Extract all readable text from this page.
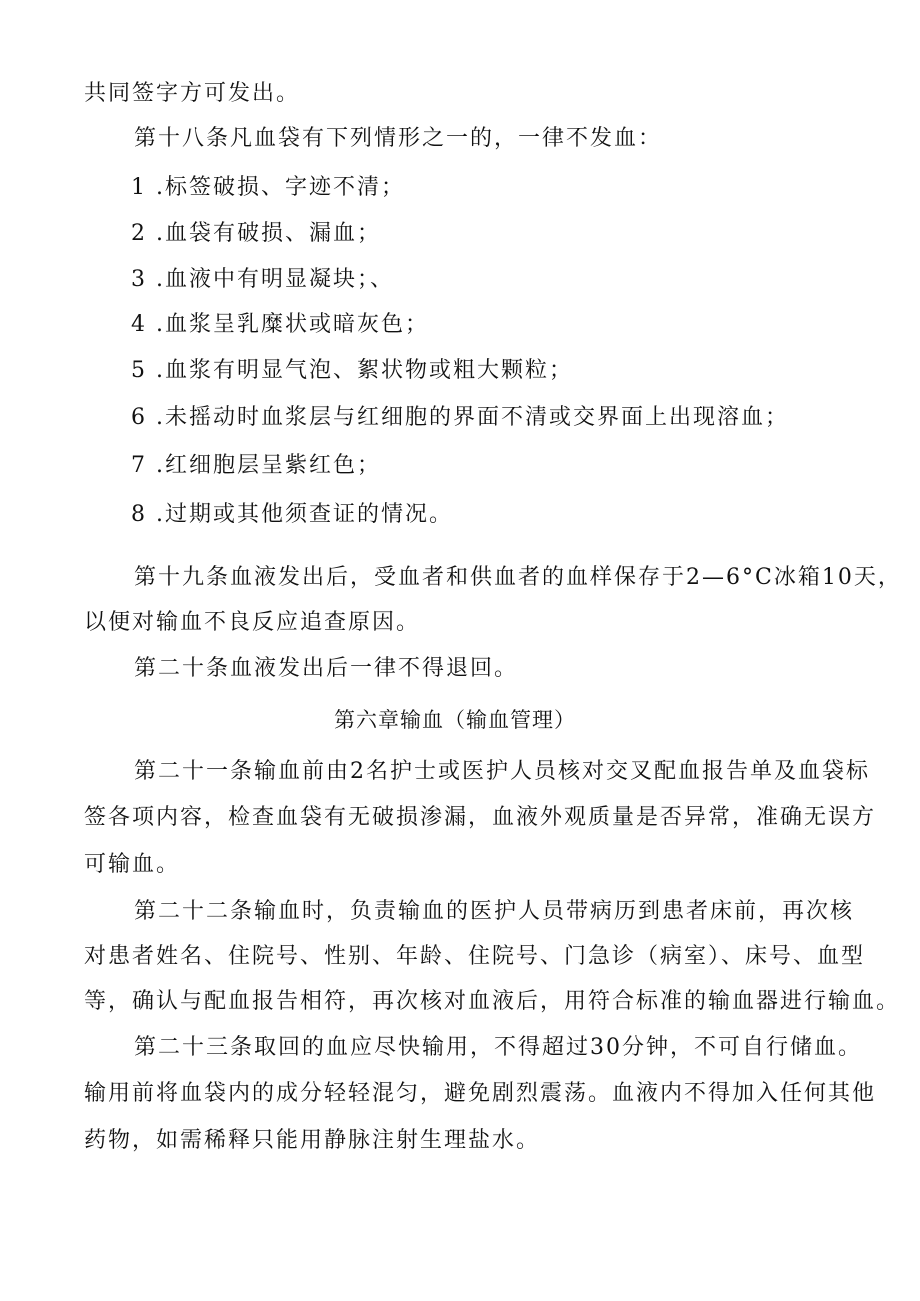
共同签字方可发出。
第十八条凡血袋有下列情形之一的，一律不发血：
1 .标签破损、字迹不清；
2 .血袋有破损、漏血；
3 .血液中有明显凝块；、
4 .血浆呈乳糜状或暗灰色；
5 .血浆有明显气泡、絮状物或粗大颗粒；
6 .未摇动时血浆层与红细胞的界面不清或交界面上出现溶血；
7 .红细胞层呈紫红色；
8 .过期或其他须查证的情况。
第十九条血液发出后，受血者和供血者的血样保存于2—6°C冰箱10天，
以便对输血不良反应追查原因。
第二十条血液发出后一律不得退回。
第六章输血（输血管理）
第二十一条输血前由2名护士或医护人员核对交叉配血报告单及血袋标
签各项内容，检查血袋有无破损渗漏，血液外观质量是否异常，准确无误方
可输血。
第二十二条输血时，负责输血的医护人员带病历到患者床前，再次核
对患者姓名、住院号、性别、年龄、住院号、门急诊（病室）、床号、血型
等，确认与配血报告相符，再次核对血液后，用符合标准的输血器进行输血。
第二十三条取回的血应尽快输用，不得超过30分钟，不可自行储血。
输用前将血袋内的成分轻轻混匀，避免剧烈震荡。血液内不得加入任何其他
药物，如需稀释只能用静脉注射生理盐水。
